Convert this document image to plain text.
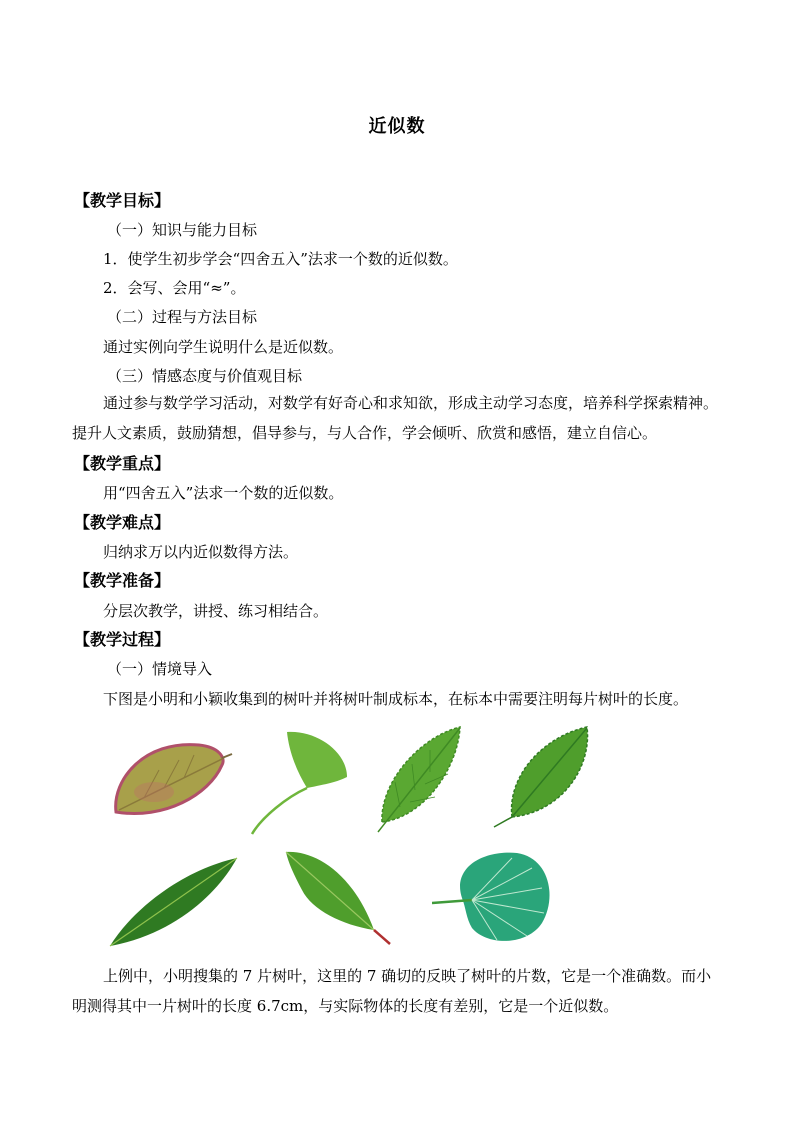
近似数
【教学目标】
（一）知识与能力目标
1．使学生初步学会“四舍五入”法求一个数的近似数。
2．会写、会用“≈”。
（二）过程与方法目标
通过实例向学生说明什么是近似数。
（三）情感态度与价值观目标
通过参与数学学习活动，对数学有好奇心和求知欲，形成主动学习态度，培养科学探索精神。提升人文素质，鼓励猜想，倡导参与，与人合作，学会倾听、欣赏和感悟，建立自信心。
【教学重点】
用“四舍五入”法求一个数的近似数。
【教学难点】
归纳求万以内近似数得方法。
【教学准备】
分层次教学，讲授、练习相结合。
【教学过程】
（一）情境导入
下图是小明和小颖收集到的树叶并将树叶制成标本，在标本中需要注明每片树叶的长度。
上例中，小明搜集的 7 片树叶，这里的 7 确切的反映了树叶的片数，它是一个准确数。而小明测得其中一片树叶的长度 6.7cm，与实际物体的长度有差别，它是一个近似数。
